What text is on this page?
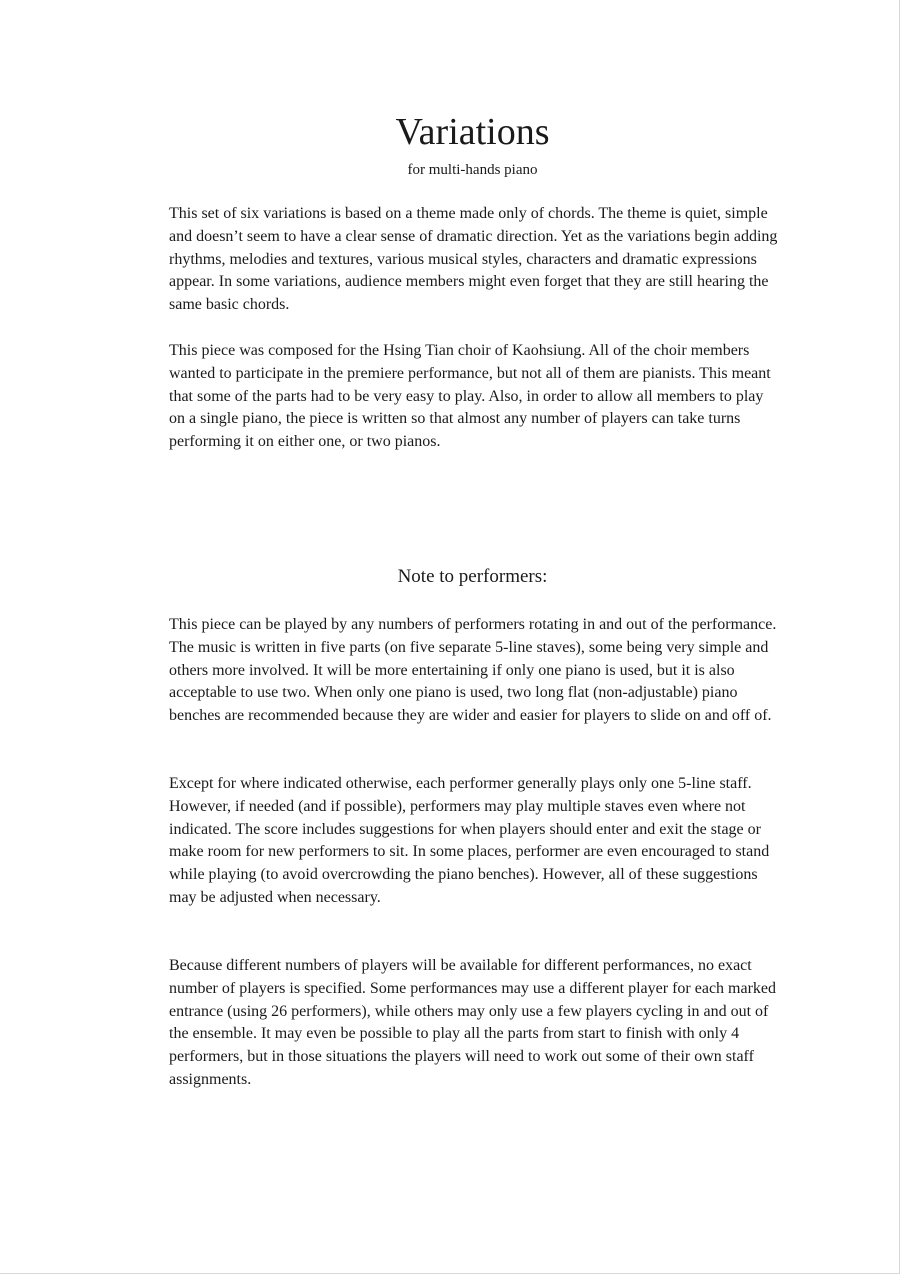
Variations

for multi-hands piano

This set of six variations is based on a theme made only of chords. The theme is quiet, simple and doesn’t seem to have a clear sense of dramatic direction. Yet as the variations begin adding rhythms, melodies and textures, various musical styles, characters and dramatic expressions appear. In some variations, audience members might even forget that they are still hearing the same basic chords.

This piece was composed for the Hsing Tian choir of Kaohsiung. All of the choir members wanted to participate in the premiere performance, but not all of them are pianists. This meant that some of the parts had to be very easy to play. Also, in order to allow all members to play on a single piano, the piece is written so that almost any number of players can take turns performing it on either one, or two pianos.

Note to performers:

This piece can be played by any numbers of performers rotating in and out of the performance. The music is written in five parts (on five separate 5-line staves), some being very simple and others more involved. It will be more entertaining if only one piano is used, but it is also acceptable to use two. When only one piano is used, two long flat (non-adjustable) piano benches are recommended because they are wider and easier for players to slide on and off of.

Except for where indicated otherwise, each performer generally plays only one 5-line staff. However, if needed (and if possible), performers may play multiple staves even where not indicated. The score includes suggestions for when players should enter and exit the stage or make room for new performers to sit. In some places, performer are even encouraged to stand while playing (to avoid overcrowding the piano benches). However, all of these suggestions may be adjusted when necessary.

Because different numbers of players will be available for different performances, no exact number of players is specified. Some performances may use a different player for each marked entrance (using 26 performers), while others may only use a few players cycling in and out of the ensemble. It may even be possible to play all the parts from start to finish with only 4 performers, but in those situations the players will need to work out some of their own staff assignments.
